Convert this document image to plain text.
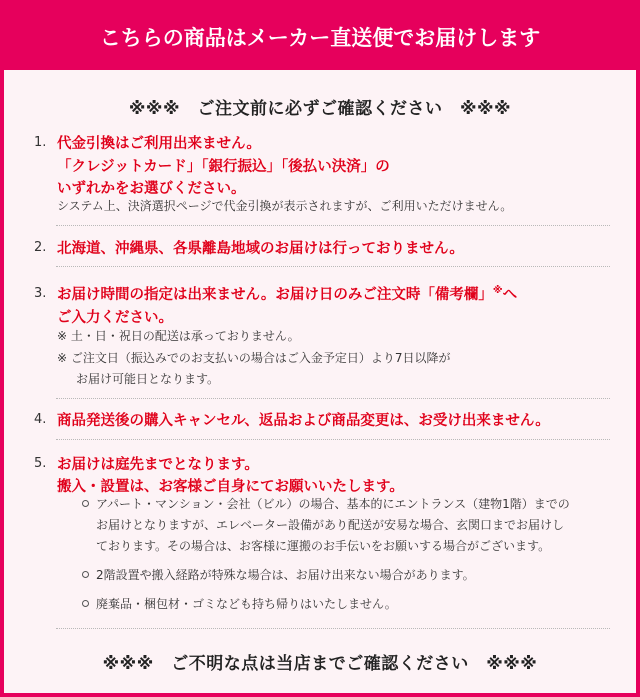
こちらの商品はメーカー直送便でお届けします
※※※　ご注文前に必ずご確認ください　※※※
1. 代金引換はご利用出来ません。
「クレジットカード」「銀行振込」「後払い決済」の
いずれかをお選びください。
システム上、決済選択ページで代金引換が表示されますが、ご利用いただけません。
2. 北海道、沖縄県、各県離島地域のお届けは行っておりません。
3. お届け時間の指定は出来ません。お届け日のみご注文時「備考欄」※へ
ご入力ください。
※ 土・日・祝日の配送は承っておりません。
※ ご注文日（振込みでのお支払いの場合はご入金予定日）より7日以降が
お届け可能日となります。
4. 商品発送後の購入キャンセル、返品および商品変更は、お受け出来ません。
5. お届けは庭先までとなります。
搬入・設置は、お客様ご自身にてお願いいたします。
アパート・マンション・会社（ビル）の場合、基本的にエントランス（建物1階）までの
お届けとなりますが、エレベーター設備があり配送が安易な場合、玄関口までお届けし
ております。その場合は、お客様に運搬のお手伝いをお願いする場合がございます。
2階設置や搬入経路が特殊な場合は、お届け出来ない場合があります。
廃棄品・梱包材・ゴミなども持ち帰りはいたしません。
※※※　ご不明な点は当店までご確認ください　※※※
